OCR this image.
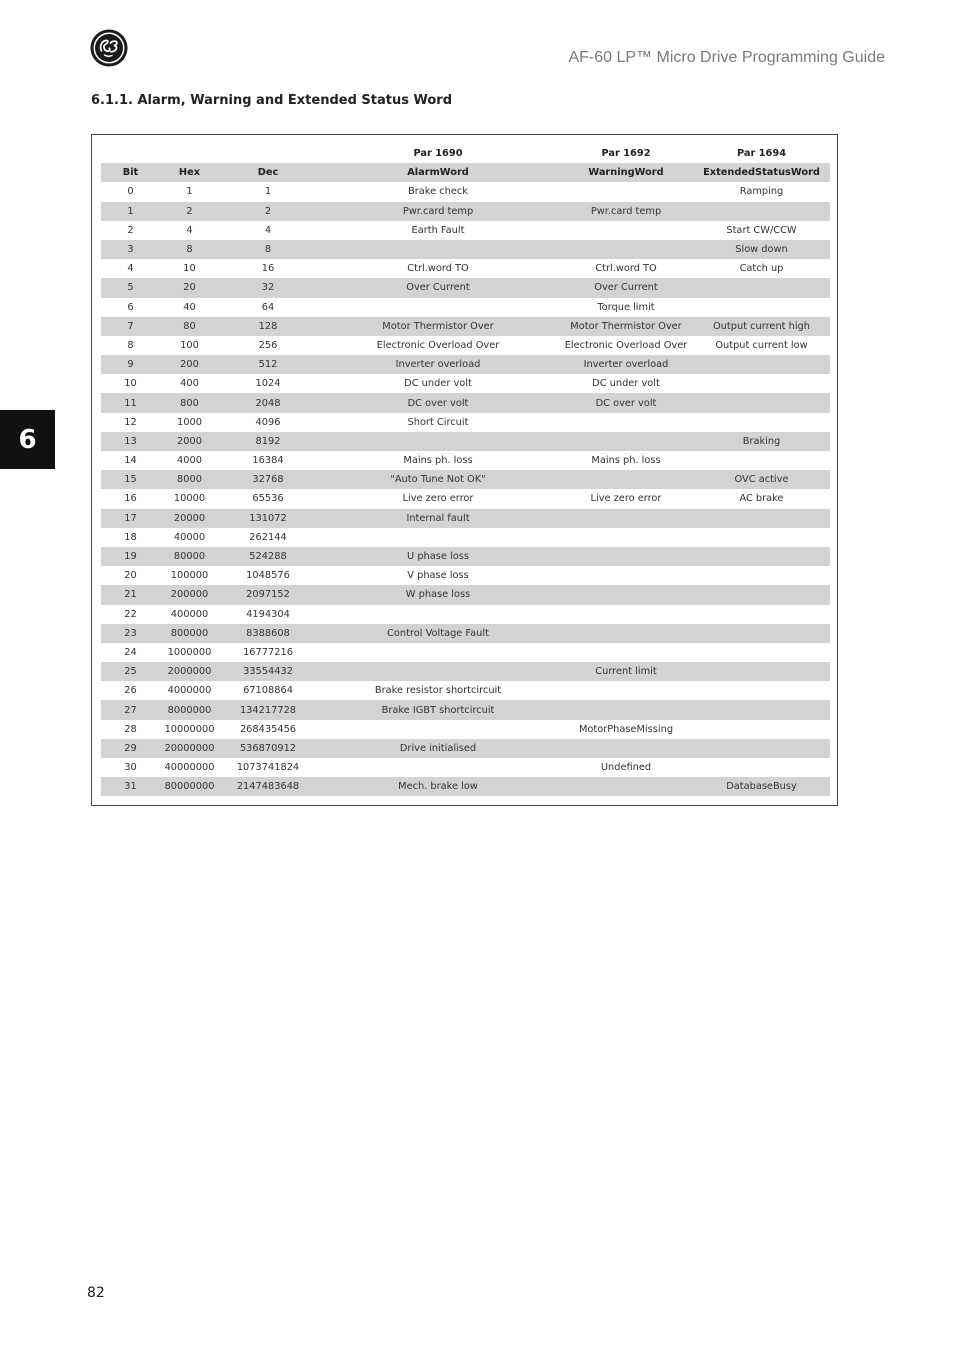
AF-60 LP™ Micro Drive Programming Guide
6.1.1. Alarm, Warning and Extended Status Word
6
			Par 1690	Par 1692	Par 1694
Bit	Hex	Dec	AlarmWord	WarningWord	ExtendedStatusWord
0	1	1	Brake check		Ramping
1	2	2	Pwr.card temp	Pwr.card temp	
2	4	4	Earth Fault		Start CW/CCW
3	8	8			Slow down
4	10	16	Ctrl.word TO	Ctrl.word TO	Catch up
5	20	32	Over Current	Over Current	
6	40	64		Torque limit	
7	80	128	Motor Thermistor Over	Motor Thermistor Over	Output current high
8	100	256	Electronic Overload Over	Electronic Overload Over	Output current low
9	200	512	Inverter overload	Inverter overload	
10	400	1024	DC under volt	DC under volt	
11	800	2048	DC over volt	DC over volt	
12	1000	4096	Short Circuit		
13	2000	8192			Braking
14	4000	16384	Mains ph. loss	Mains ph. loss	
15	8000	32768	"Auto Tune Not OK"		OVC active
16	10000	65536	Live zero error	Live zero error	AC brake
17	20000	131072	Internal fault		
18	40000	262144			
19	80000	524288	U phase loss		
20	100000	1048576	V phase loss		
21	200000	2097152	W phase loss		
22	400000	4194304			
23	800000	8388608	Control Voltage Fault		
24	1000000	16777216			
25	2000000	33554432		Current limit	
26	4000000	67108864	Brake resistor shortcircuit		
27	8000000	134217728	Brake IGBT shortcircuit		
28	10000000	268435456		MotorPhaseMissing	
29	20000000	536870912	Drive initialised		
30	40000000	1073741824		Undefined	
31	80000000	2147483648	Mech. brake low		DatabaseBusy
82
